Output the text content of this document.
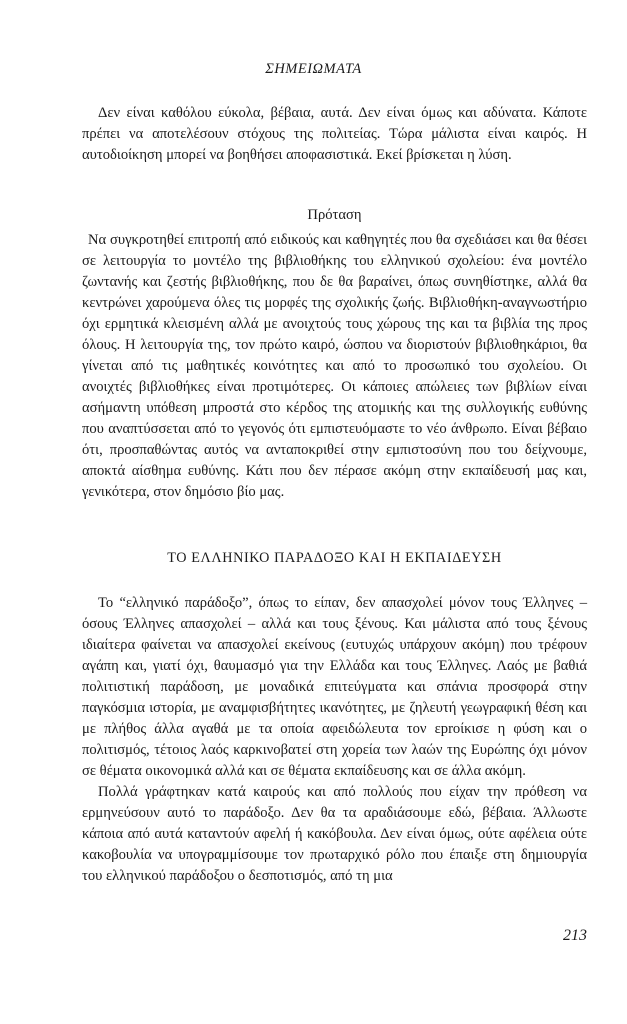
ΣΗΜΕΙΩΜΑΤΑ

Δεν είναι καθόλου εύκολα, βέβαια, αυτά. Δεν είναι όμως και αδύνατα. Κάποτε πρέπει να αποτελέσουν στόχους της πολιτείας. Τώρα μάλιστα είναι καιρός. Η αυτοδιοίκηση μπορεί να βοηθήσει αποφασιστικά. Εκεί βρίσκεται η λύση.

Πρόταση

Να συγκροτηθεί επιτροπή από ειδικούς και καθηγητές που θα σχεδιάσει και θα θέσει σε λειτουργία το μοντέλο της βιβλιοθήκης του ελληνικού σχολείου: ένα μοντέλο ζωντανής και ζεστής βιβλιοθήκης, που δε θα βαραίνει, όπως συνηθίστηκε, αλλά θα κεντρώνει χαρούμενα όλες τις μορφές της σχολικής ζωής. Βιβλιοθήκη-αναγνωστήριο όχι ερμητικά κλεισμένη αλλά με ανοιχτούς τους χώρους της και τα βιβλία της προς όλους. Η λειτουργία της, τον πρώτο καιρό, ώσπου να διοριστούν βιβλιοθηκάριοι, θα γίνεται από τις μαθητικές κοινότητες και από το προσωπικό του σχολείου. Οι ανοιχτές βιβλιοθήκες είναι προτιμότερες. Οι κάποιες απώλειες των βιβλίων είναι ασήμαντη υπόθεση μπροστά στο κέρδος της ατομικής και της συλλογικής ευθύνης που αναπτύσσεται από το γεγονός ότι εμπιστευόμαστε το νέο άνθρωπο. Είναι βέβαιο ότι, προσπαθώντας αυτός να ανταποκριθεί στην εμπιστοσύνη που του δείχνουμε, αποκτά αίσθημα ευθύνης. Κάτι που δεν πέρασε ακόμη στην εκπαίδευσή μας και, γενικότερα, στον δημόσιο βίο μας.

ΤΟ ΕΛΛΗΝΙΚΟ ΠΑΡΑΔΟΞΟ ΚΑΙ Η ΕΚΠΑΙΔΕΥΣΗ

Το “ελληνικό παράδοξο”, όπως το είπαν, δεν απασχολεί μόνον τους Έλληνες – όσους Έλληνες απασχολεί – αλλά και τους ξένους. Και μάλιστα από τους ξένους ιδιαίτερα φαίνεται να απασχολεί εκείνους (ευτυχώς υπάρχουν ακόμη) που τρέφουν αγάπη και, γιατί όχι, θαυμασμό για την Ελλάδα και τους Έλληνες. Λαός με βαθιά πολιτιστική παράδοση, με μοναδικά επιτεύγματα και σπάνια προσφορά στην παγκόσμια ιστορία, με αναμφισβήτητες ικανότητες, με ζηλευτή γεωγραφική θέση και με πλήθος άλλα αγαθά με τα οποία αφειδώλευτα τον εproίκισε η φύση και ο πολιτισμός, τέτοιος λαός καρκινοβατεί στη χορεία των λαών της Ευρώπης όχι μόνον σε θέματα οικονομικά αλλά και σε θέματα εκπαίδευσης και σε άλλα ακόμη.

Πολλά γράφτηκαν κατά καιρούς και από πολλούς που είχαν την πρόθεση να ερμηνεύσουν αυτό το παράδοξο. Δεν θα τα αραδιάσουμε εδώ, βέβαια. Άλλωστε κάποια από αυτά καταντούν αφελή ή κακόβουλα. Δεν είναι όμως, ούτε αφέλεια ούτε κακοβουλία να υπογραμμίσουμε τον πρωταρχικό ρόλο που έπαιξε στη δημιουργία του ελληνικού παράδοξου ο δεσποτισμός, από τη μια

213
